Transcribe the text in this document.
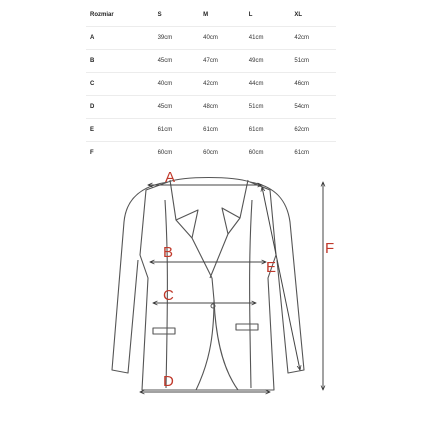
Rozmiar	S	M	L	XL
A	39cm	40cm	41cm	42cm
B	45cm	47cm	49cm	51cm
C	40cm	42cm	44cm	46cm
D	45cm	48cm	51cm	54cm
E	61cm	61cm	61cm	62cm
F	60cm	60cm	60cm	61cm
A
B
C
D
E
F
